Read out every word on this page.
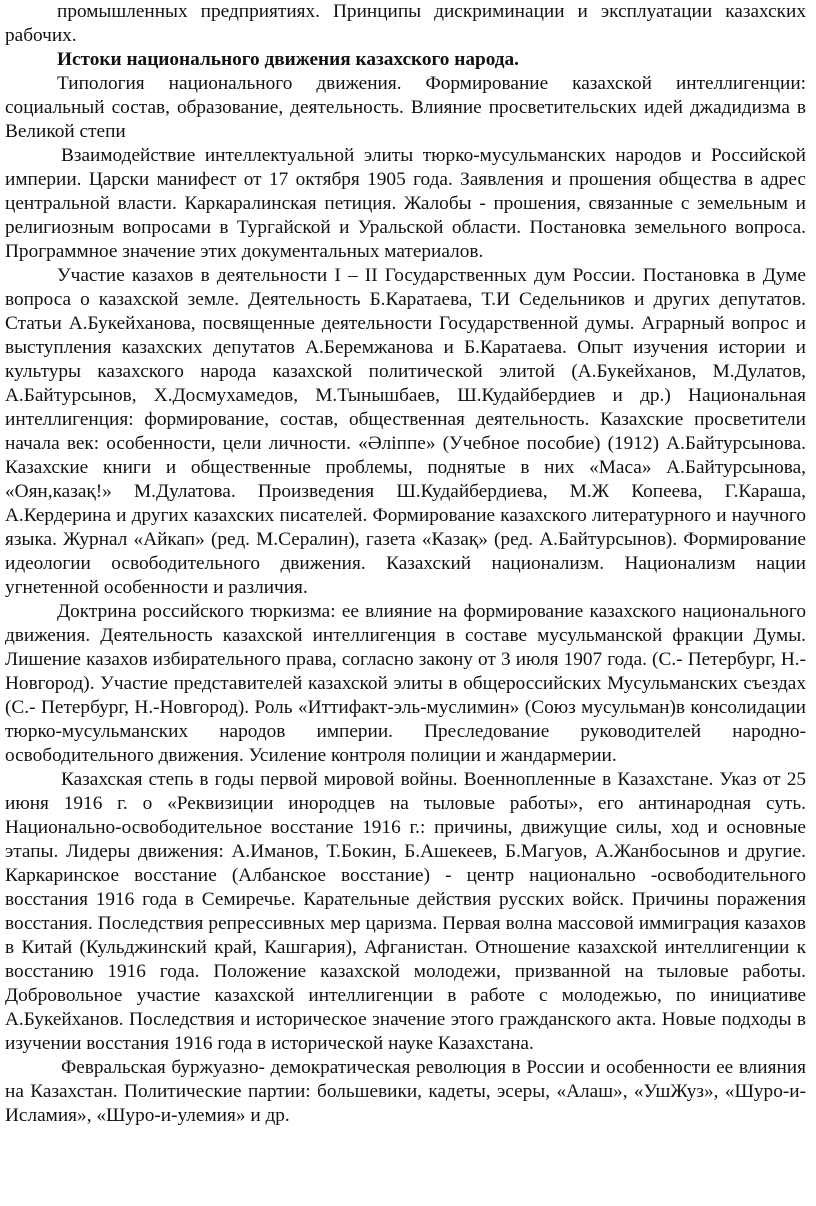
промышленных предприятиях. Принципы дискриминации и эксплуатации казахских рабочих.

Истоки национального движения казахского народа.

Типология национального движения. Формирование казахской интеллигенции: социальный состав, образование, деятельность. Влияние просветительских идей джадидизма в Великой степи

Взаимодействие интеллектуальной элиты тюрко-мусульманских народов и Российской империи. Царски манифест от 17 октября 1905 года. Заявления и прошения общества в адрес центральной власти. Каркаралинская петиция. Жалобы - прошения, связанные с земельным и религиозным вопросами в Тургайской и Уральской области. Постановка земельного вопроса. Программное значение этих документальных материалов.

Участие казахов в деятельности I – II Государственных дум России. Постановка в Думе вопроса о казахской земле. Деятельность Б.Каратаева, Т.И Седельников и других депутатов. Статьи А.Букейханова, посвященные деятельности Государственной думы. Аграрный вопрос и выступления казахских депутатов А.Беремжанова и Б.Каратаева. Опыт изучения истории и культуры казахского народа казахской политической элитой (А.Букейханов, М.Дулатов, А.Байтурсынов, Х.Досмухамедов, М.Тынышбаев, Ш.Кудайбердиев и др.) Национальная интеллигенция: формирование, состав, общественная деятельность. Казахские просветители начала век: особенности, цели личности. «Әліппе» (Учебное пособие) (1912) А.Байтурсынова. Казахские книги и общественные проблемы, поднятые в них «Маса» А.Байтурсынова, «Оян,казақ!» М.Дулатова. Произведения Ш.Кудайбердиева, М.Ж Копеева, Г.Караша, А.Кердерина и других казахских писателей. Формирование казахского литературного и научного языка. Журнал «Айкап» (ред. М.Сералин), газета «Казақ» (ред. А.Байтурсынов). Формирование идеологии освободительного движения. Казахский национализм. Национализм нации угнетенной особенности и различия.

Доктрина российского тюркизма: ее влияние на формирование казахского национального движения. Деятельность казахской интеллигенция в составе мусульманской фракции Думы. Лишение казахов избирательного права, согласно закону от 3 июля 1907 года. (С.- Петербург, Н.-Новгород). Участие представителей казахской элиты в общероссийских Мусульманских съездах (С.- Петербург, Н.-Новгород). Роль «Иттифакт-эль-муслимин» (Союз мусульман)в консолидации тюрко-мусульманских народов империи. Преследование руководителей народно-освободительного движения. Усиление контроля полиции и жандармерии.

Казахская степь в годы первой мировой войны. Военнопленные в Казахстане. Указ от 25 июня 1916 г. о «Реквизиции инородцев на тыловые работы», его антинародная суть. Национально-освободительное восстание 1916 г.: причины, движущие силы, ход и основные этапы. Лидеры движения: А.Иманов, Т.Бокин, Б.Ашекеев, Б.Магуов, А.Жанбосынов и другие. Каркаринское восстание (Албанское восстание) - центр национально -освободительного восстания 1916 года в Семиречье. Карательные действия русских войск. Причины поражения восстания. Последствия репрессивных мер царизма. Первая волна массовой иммиграция казахов в Китай (Кульджинский край, Кашгария), Афганистан. Отношение казахской интеллигенции к восстанию 1916 года. Положение казахской молодежи, призванной на тыловые работы. Добровольное участие казахской интеллигенции в работе с молодежью, по инициативе А.Букейханов. Последствия и историческое значение этого гражданского акта. Новые подходы в изучении восстания 1916 года в исторической науке Казахстана.

Февральская буржуазно- демократическая революция в России и особенности ее влияния на Казахстан. Политические партии: большевики, кадеты, эсеры, «Алаш», «УшЖуз», «Шуро-и-Исламия», «Шуро-и-улемия» и др.
